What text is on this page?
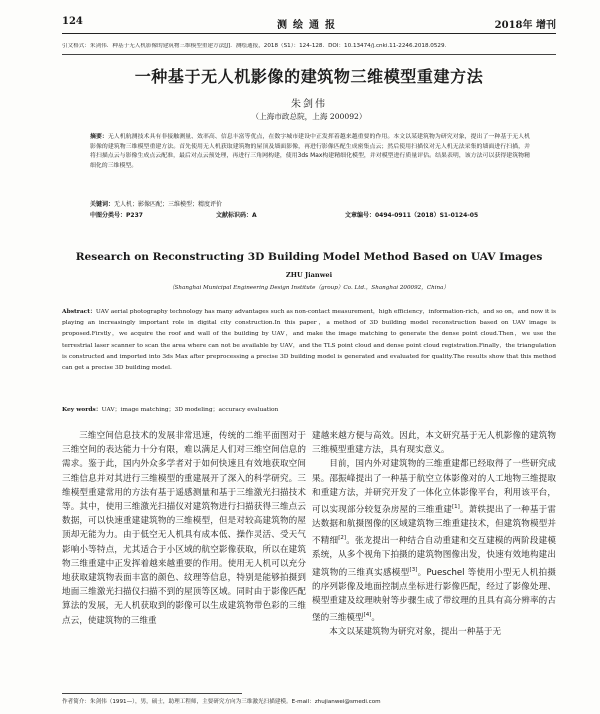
124	测绘通报	2018年 增刊
引文格式：朱剑伟．种基于无人机影像的建筑物三维模型重建方法[J]．测绘通报，2018（S1）：124-128．DOI：10.13474/j.cnki.11-2246.2018.0529.
一种基于无人机影像的建筑物三维模型重建方法
朱剑伟
（上海市政总院，上海 200092）
摘要：无人机航测技术具有非接触测量、效率高、信息丰富等优点，在数字城市建设中正发挥着越来越重要的作用。本文以某建筑物为研究对象，提出了一种基于无人机影像的建筑物三维模型重建方法。首先使用无人机获取建筑物的屋顶及墙面影像，再进行影像匹配生成密集点云；然后使用扫描仪对无人机无法采集的墙面进行扫描，并将扫描点云与影像生成点云配准，最后对点云预处理，再进行三角网构建，使用3ds Max构建精细化模型，并对模型进行质量评估。结果表明，该方法可以获得建筑物精细化的三维模型。
关键词：无人机；影像匹配；三维模型；精度评价
中图分类号：P237	文献标识码：A	文章编号：0494-0911（2018）S1-0124-05
Research on Reconstructing 3D Building Model Method Based on UAV Images
ZHU Jianwei
（Shanghai Municipal Engineering Design Institute（group）Co. Ltd.，Shanghai 200092，China）
Abstract：UAV aerial photography technology has many advantages such as non-contact measurement，high efficiency，information-rich，and so on，and now it is playing an increasingly important role in digital city construction.In this paper，a method of 3D building model reconstruction based on UAV image is proposed.Firstly，we acquire the roof and wall of the building by UAV，and make the image matching to generate the dense point cloud.Then，we use the terrestrial laser scanner to scan the area where can not be available by UAV，and the TLS point cloud and dense point cloud registration.Finally，the triangulation is constructed and imported into 3ds Max after preprocessing a precise 3D building model is generated and evaluated for quality.The results show that this method can get a precise 3D building model.
Key words：UAV；image matching；3D modeling；accuracy evaluation

三维空间信息技术的发展非常迅速，传统的二维平面图对于三维空间的表达能力十分有限，难以满足人们对三维空间信息的需求。鉴于此，国内外众多学者对于如何快速且有效地获取空间三维信息并对其进行三维模型的重建展开了深入的科学研究。三维模型重建常用的方法有基于遥感测量和基于三维激光扫描技术等。其中，使用三维激光扫描仪对建筑物进行扫描获得三维点云数据，可以快速重建建筑物的三维模型，但是对较高建筑物的屋顶却无能为力。由于低空无人机具有成本低、操作灵活、受天气影响小等特点，尤其适合于小区域的航空影像获取，所以在建筑物三维重建中正发挥着越来越重要的作用。使用无人机可以充分地获取建筑物表面丰富的颜色、纹理等信息，特别是能够拍摄到地面三维激光扫描仪扫描不到的屋顶等区域。同时由于影像匹配算法的发展，无人机获取到的影像可以生成建筑物带色彩的三维点云，使建筑物的三维重

建越来越方便与高效。因此，本文研究基于无人机影像的建筑物三维模型重建方法，具有现实意义。

目前，国内外对建筑物的三维重建都已经取得了一些研究成果。邵振峰提出了一种基于航空立体影像对的人工地物三维提取和重建方法，并研究开发了一体化立体影像平台，利用该平台，可以实现部分较复杂房屋的三维重建[1]。萧轶提出了一种基于雷达数据和航摄图像的区域建筑物三维重建技术，但建筑物模型并不精细[2]。张龙提出一种结合自动重建和交互建模的两阶段建模系统，从多个视角下拍摄的建筑物图像出发，快速有效地构建出建筑物的三维真实感模型[3]。Pueschel 等使用小型无人机拍摄的序列影像及地面控制点坐标进行影像匹配，经过了影像处理、模型重建及纹理映射等步骤生成了带纹理的且具有高分辨率的古堡的三维模型[4]。

本文以某建筑物为研究对象，提出一种基于无

作者简介：朱剑伟（1991—），男，硕士，助理工程师，主要研究方向为三维激光扫描建模。E-mail：zhujianwei@smedi.com
